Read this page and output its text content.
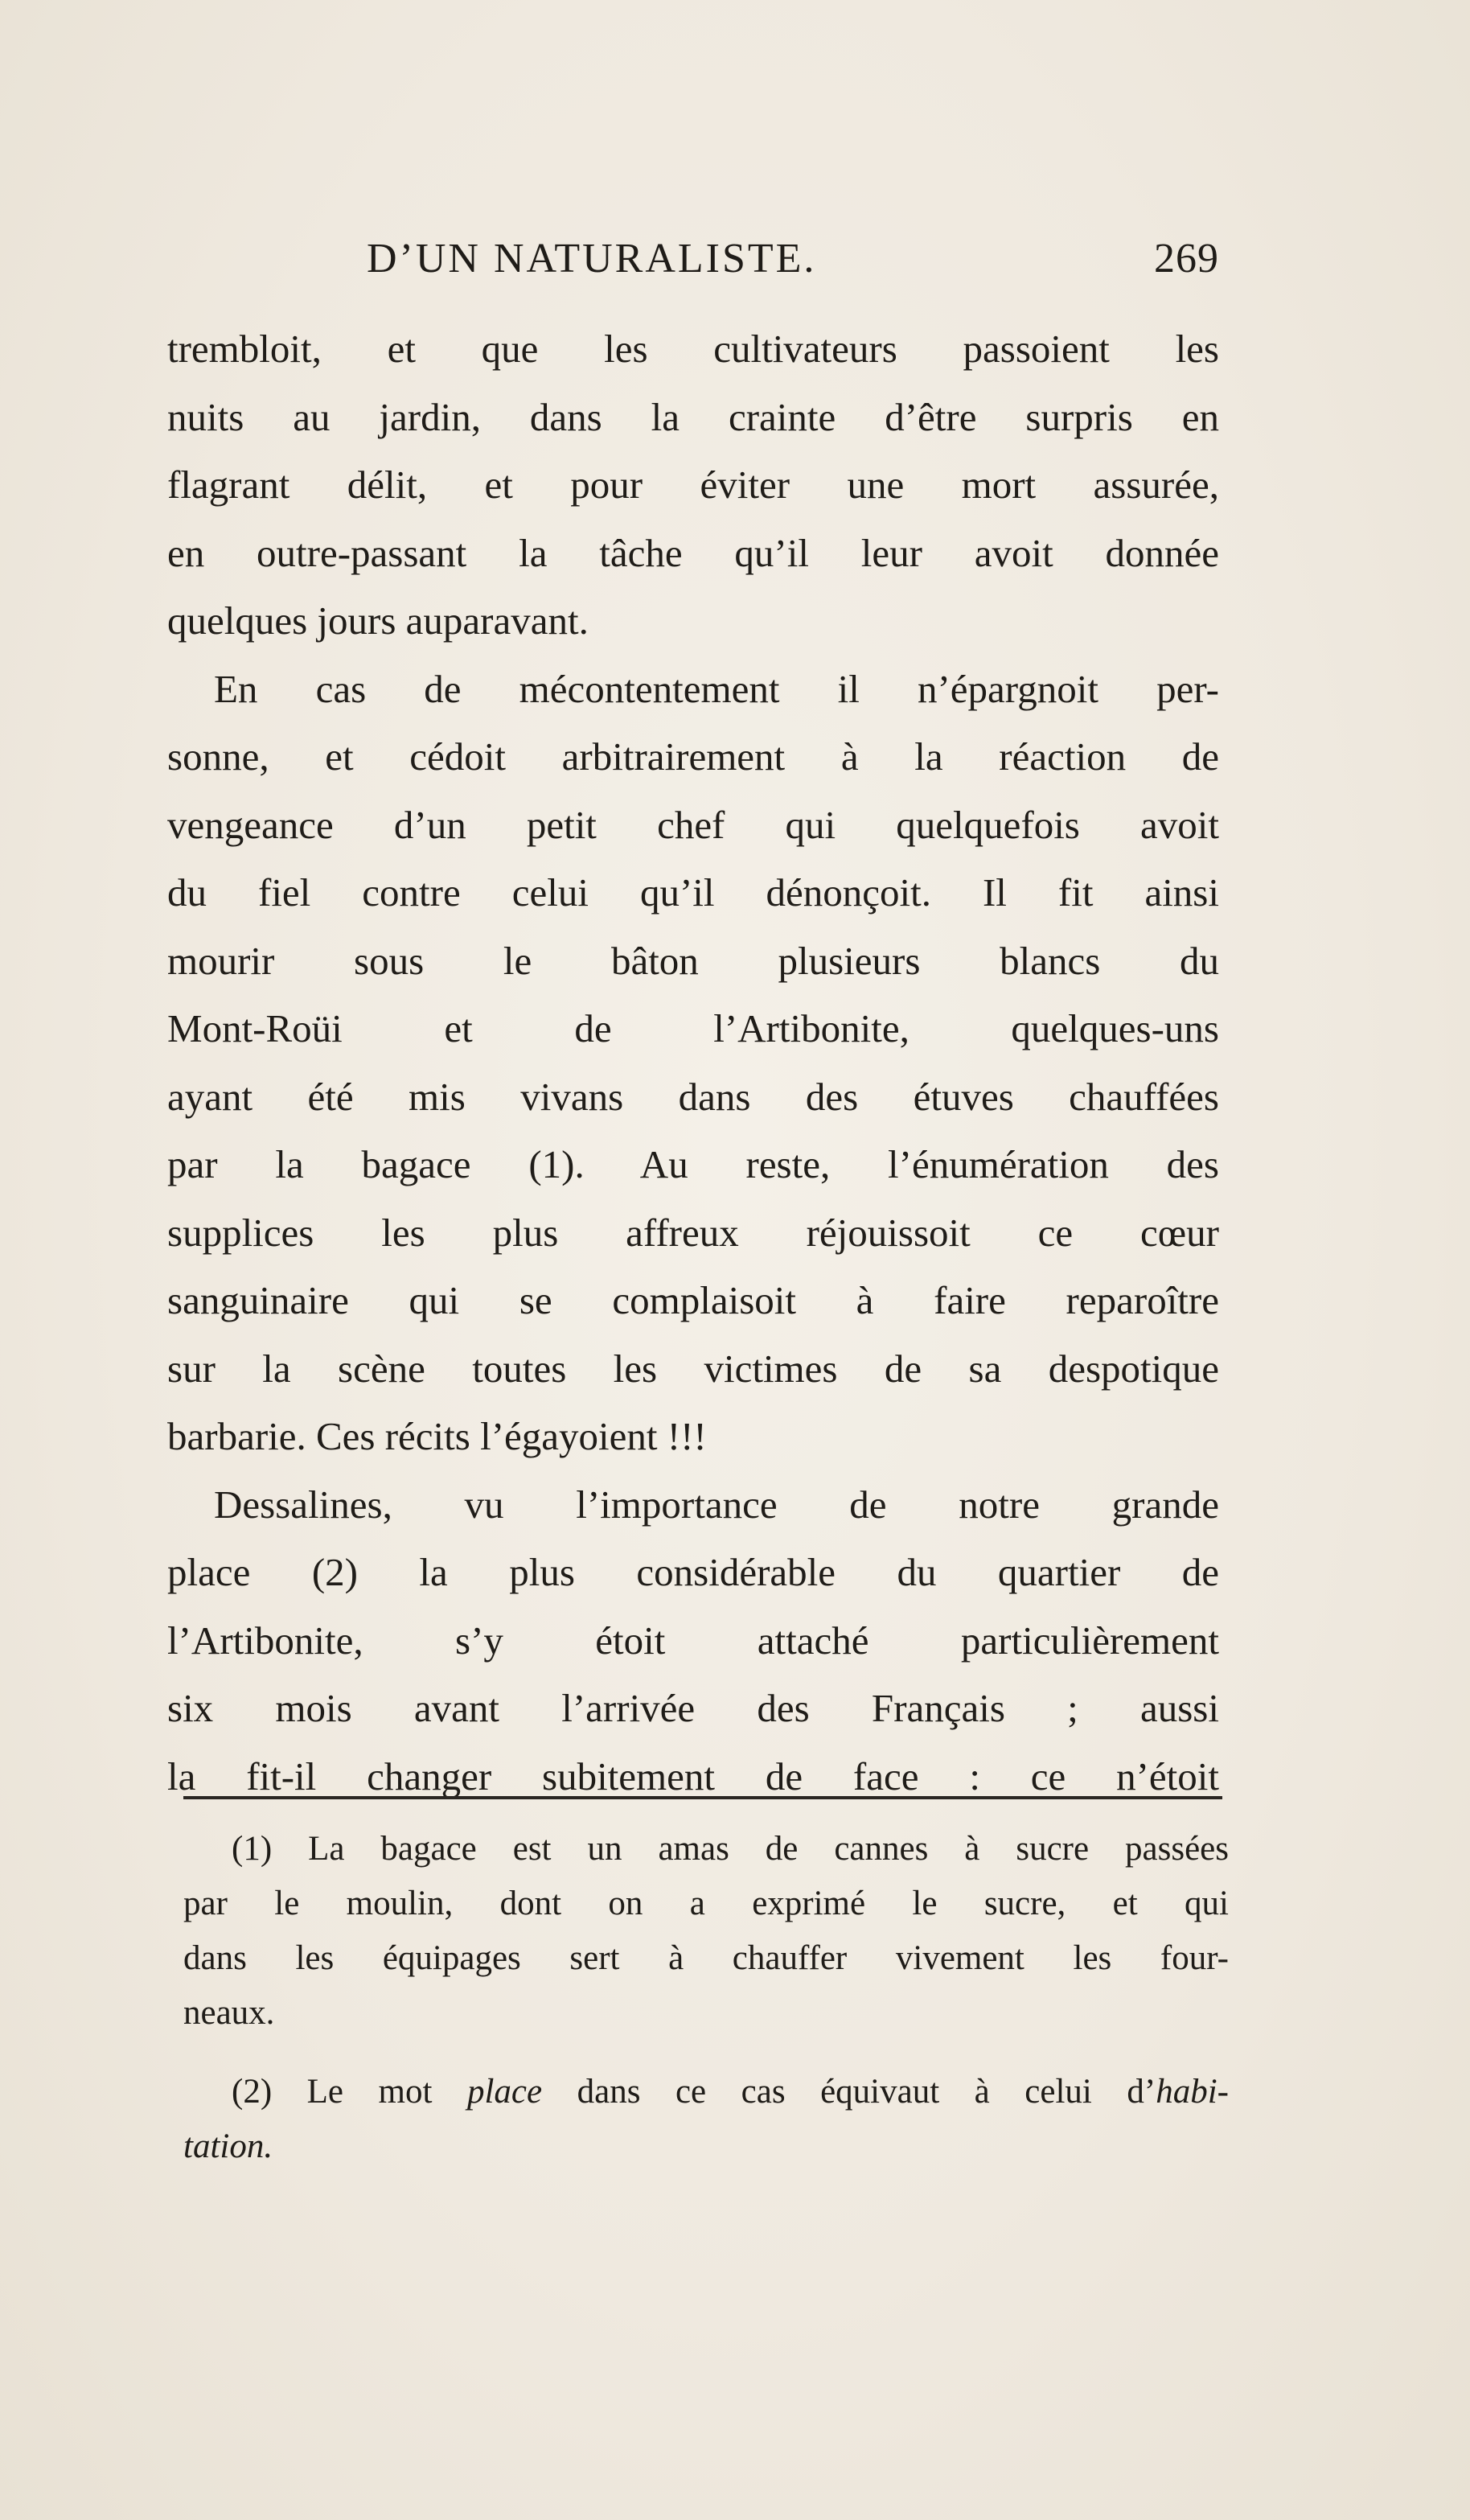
D’UN NATURALISTE.	269
trembloit, et que les cultivateurs passoient les
nuits au jardin, dans la crainte d’être surpris en
flagrant délit, et pour éviter une mort assurée,
en outre-passant la tâche qu’il leur avoit donnée
quelques jours auparavant.
En cas de mécontentement il n’épargnoit per-
sonne, et cédoit arbitrairement à la réaction de
vengeance d’un petit chef qui quelquefois avoit
du fiel contre celui qu’il dénonçoit. Il fit ainsi
mourir sous le bâton plusieurs blancs du
Mont-Roüi et de l’Artibonite, quelques-uns
ayant été mis vivans dans des étuves chauffées
par la bagace (1). Au reste, l’énumération des
supplices les plus affreux réjouissoit ce cœur
sanguinaire qui se complaisoit à faire reparoître
sur la scène toutes les victimes de sa despotique
barbarie. Ces récits l’égayoient !!!
Dessalines, vu l’importance de notre grande
place (2) la plus considérable du quartier de
l’Artibonite, s’y étoit attaché particulièrement
six mois avant l’arrivée des Français ; aussi
la fit-il changer subitement de face : ce n’étoit
(1) La bagace est un amas de cannes à sucre passées
par le moulin, dont on a exprimé le sucre, et qui
dans les équipages sert à chauffer vivement les four-
neaux.
(2) Le mot place dans ce cas équivaut à celui d’habi-
tation.
